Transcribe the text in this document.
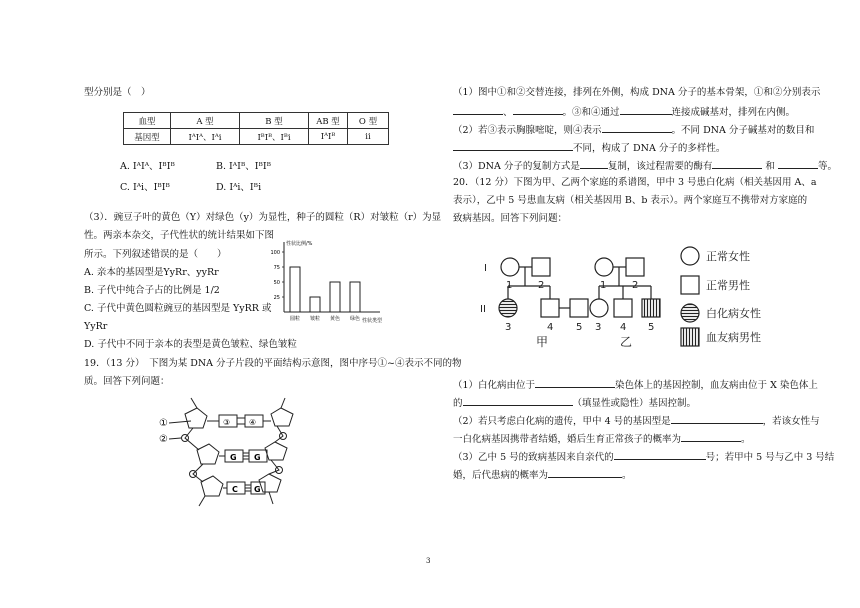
型分别是（　）
血型	A 型	B 型	AB 型	O 型
基因型	IᴬIᴬ、Iᴬi	IᴮIᴮ、Iᴮi	IᴬIᴮ	ii
A. IᴬIᴬ、IᴮIᴮ	B. IᴬIᴮ、IᴮIᴮ
C. Iᴬi、IᴮIᴮ	D. Iᴬi、Iᴮi
（3）．豌豆子叶的黄色（Y）对绿色（y）为显性，种子的圆粒（R）对皱粒（r）为显
性。两亲本杂交，子代性状的统计结果如下图
所示。下列叙述错误的是（　　）
A. 亲本的基因型是YyRr、yyRr
B. 子代中纯合子占的比例是 1/2
C. 子代中黄色圆粒豌豆的基因型是 YyRR 或
YyRr
D. 子代中不同于亲本的表型是黄色皱粒、绿色皱粒
性状比例/%
100
75
50
25
圆粒 皱粒 黄色 绿色 性状类型
19．（13 分）　下图为某 DNA 分子片段的平面结构示意图，图中序号①~④表示不同的物
质。回答下列问题：
①
②
③ ④
G G
C G
（1）图中①和②交替连接，排列在外侧，构成 DNA 分子的基本骨架，①和②分别表示
、	。③和④通过	连接成碱基对，排列在内侧。
（2）若③表示胸腺嘧啶，则④表示	。不同 DNA 分子碱基对的数目和
不同，构成了 DNA 分子的多样性。
（3）DNA 分子的复制方式是	复制，该过程需要的酶有	和	等。
20．（12 分）下图为甲、乙两个家庭的系谱图，甲中 3 号患白化病（相关基因用 A、a
表示），乙中 5 号患血友病（相关基因用 B、b 表示）。两个家庭互不携带对方家庭的
致病基因。回答下列问题：
I
II
1	2
3	4 5
1	2
3 4 5
甲	乙
正常女性
正常男性
白化病女性
血友病男性
（1）白化病由位于	染色体上的基因控制，血友病由位于 X 染色体上
的	（填显性或隐性）基因控制。
（2）若只考虑白化病的遗传，甲中 4 号的基因型是	，若该女性与
一白化病基因携带者结婚，婚后生育正常孩子的概率为	。
（3）乙中 5 号的致病基因来自亲代的	号；若甲中 5 号与乙中 3 号结
婚，后代患病的概率为	。
3
